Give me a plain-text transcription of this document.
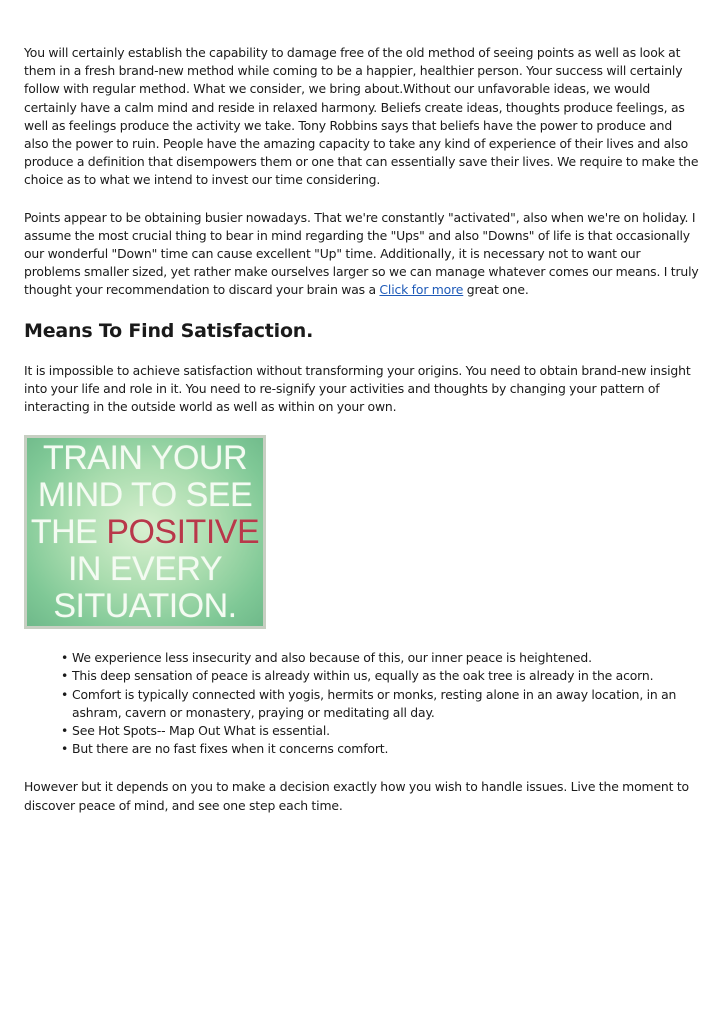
You will certainly establish the capability to damage free of the old method of seeing points as well as look at them in a fresh brand-new method while coming to be a happier, healthier person. Your success will certainly follow with regular method. What we consider, we bring about.Without our unfavorable ideas, we would certainly have a calm mind and reside in relaxed harmony. Beliefs create ideas, thoughts produce feelings, as well as feelings produce the activity we take. Tony Robbins says that beliefs have the power to produce and also the power to ruin. People have the amazing capacity to take any kind of experience of their lives and also produce a definition that disempowers them or one that can essentially save their lives. We require to make the choice as to what we intend to invest our time considering.

Points appear to be obtaining busier nowadays. That we're constantly "activated", also when we're on holiday. I assume the most crucial thing to bear in mind regarding the "Ups" and also "Downs" of life is that occasionally our wonderful "Down" time can cause excellent "Up" time. Additionally, it is necessary not to want our problems smaller sized, yet rather make ourselves larger so we can manage whatever comes our means. I truly thought your recommendation to discard your brain was a Click for more great one.

Means To Find Satisfaction.

It is impossible to achieve satisfaction without transforming your origins. You need to obtain brand-new insight into your life and role in it. You need to re-signify your activities and thoughts by changing your pattern of interacting in the outside world as well as within on your own.

TRAIN YOUR
MIND TO SEE
THE POSITIVE
IN EVERY
SITUATION.
• We experience less insecurity and also because of this, our inner peace is heightened.
• This deep sensation of peace is already within us, equally as the oak tree is already in the acorn.
• Comfort is typically connected with yogis, hermits or monks, resting alone in an away location, in an ashram, cavern or monastery, praying or meditating all day.
• See Hot Spots-- Map Out What is essential.
• But there are no fast fixes when it concerns comfort.

However but it depends on you to make a decision exactly how you wish to handle issues. Live the moment to discover peace of mind, and see one step each time.
